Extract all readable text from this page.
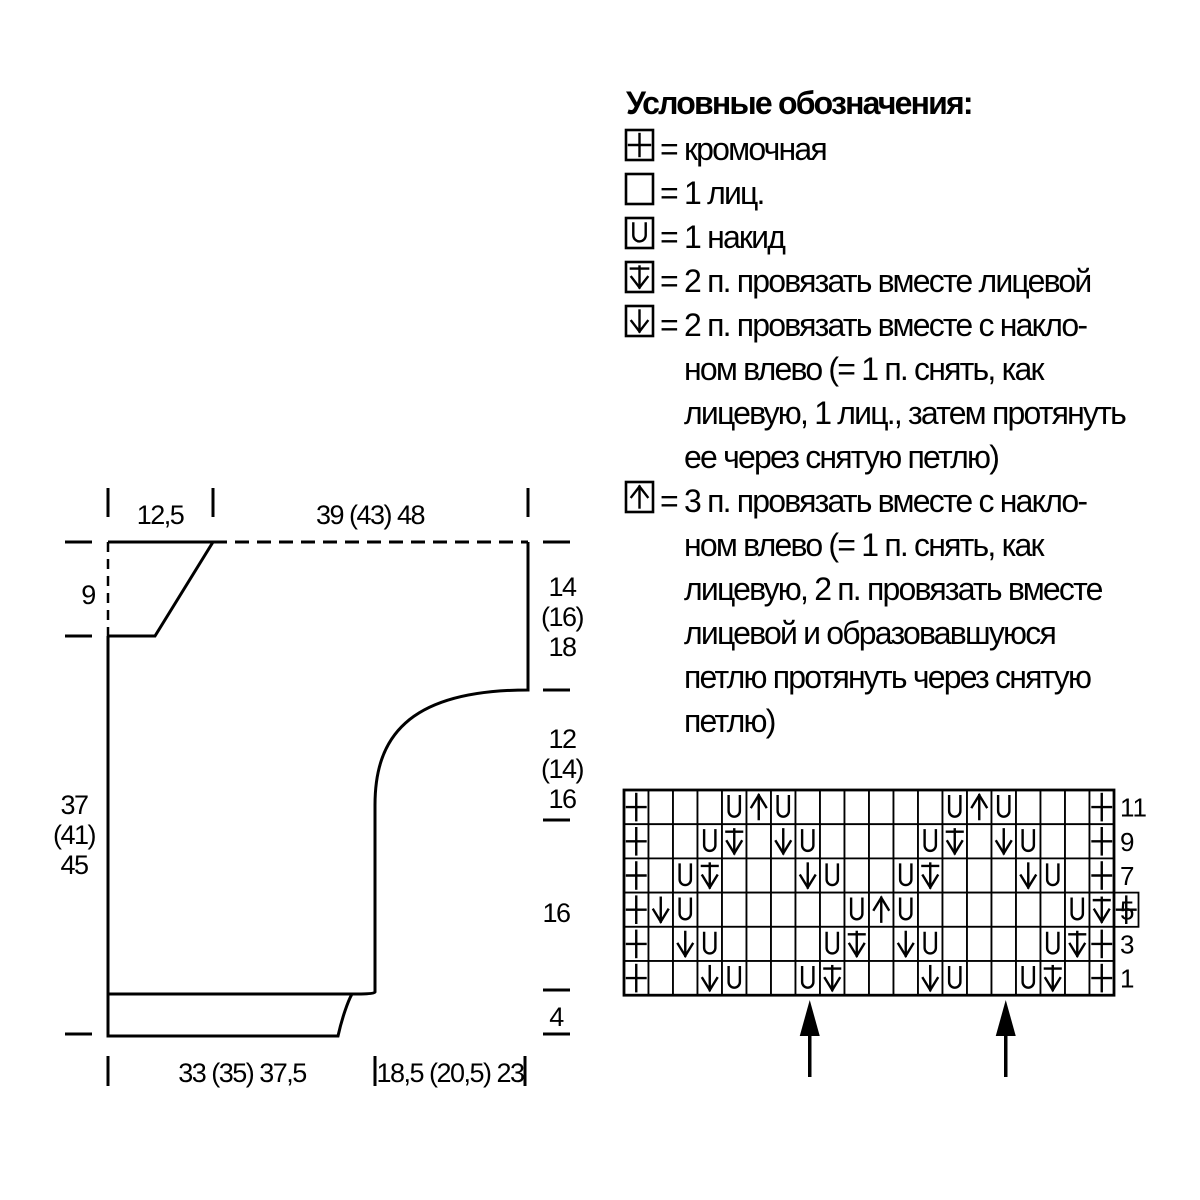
12,5	39 (43) 48
9
37
(41)
45
14
(16)
18
12
(14)
16
16
4
33 (35) 37,5	18,5 (20,5) 23
Условные обозначения:
= кромочная
= 1 лиц.
= 1 накид
= 2 п. провязать вместе лицевой
= 2 п. провязать вместе с накло-
ном влево (= 1 п. снять, как
лицевую, 1 лиц., затем протянуть
ее через снятую петлю)
= 3 п. провязать вместе с накло-
ном влево (= 1 п. снять, как
лицевую, 2 п. провязать вместе
лицевой и образовавшуюся
петлю протянуть через снятую
петлю)
11
9
7
5
3
1
